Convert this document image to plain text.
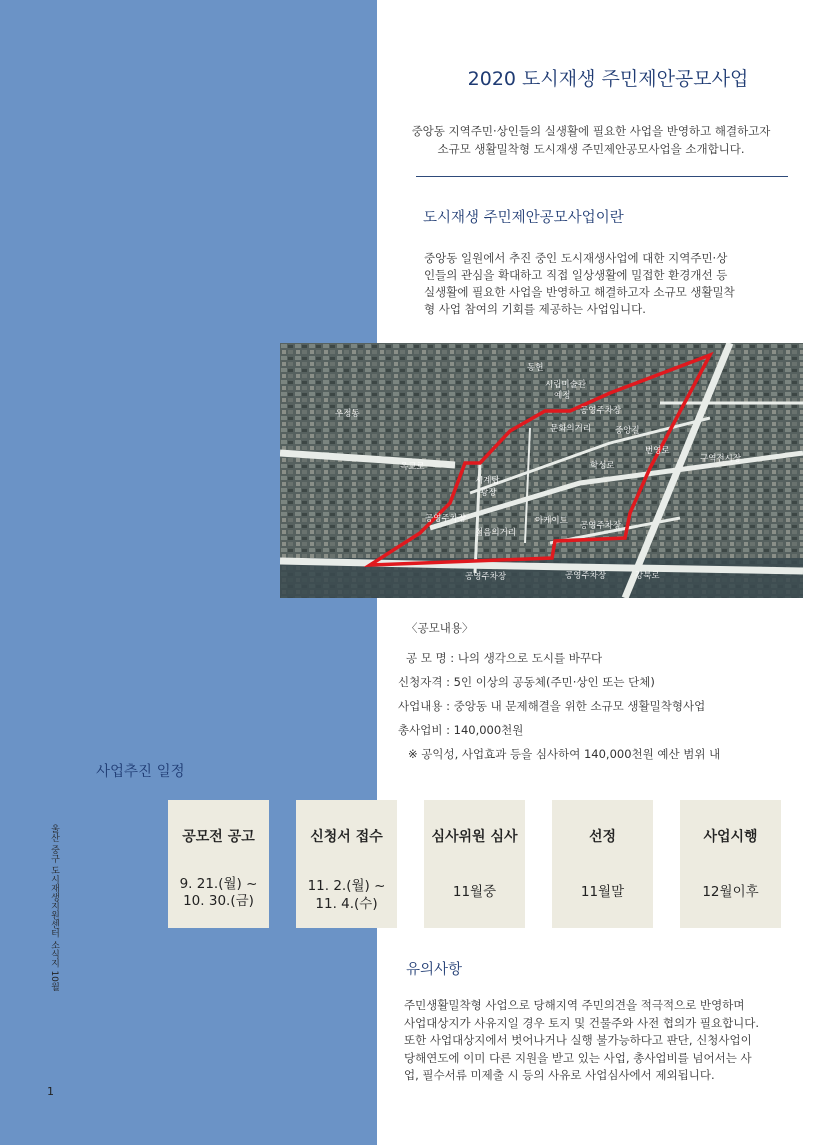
2020 도시재생 주민제안공모사업

중앙동 지역주민·상인들의 실생활에 필요한 사업을 반영하고 해결하고자

소규모 생활밀착형 도시재생 주민제안공모사업을 소개합니다.

도시재생 주민제안공모사업이란

중앙동 일원에서 추진 중인 도시재생사업에 대한 지역주민·상

인들의 관심을 확대하고 직접 일상생활에 밀접한 환경개선 등

실생활에 필요한 사업을 반영하고 해결하고자 소규모 생활밀착

형 사업 참여의 기회를 제공하는 사업입니다.

동헌
시립미술관
예정
우정동	공영주차장
문화의거리
시계탑
광장
옥교로
중앙길
학성로
번영로
구역전시장
공영주차장
젊음의거리
아케이드 공영주차장
공영주차장	공영주차장	강북로
〈공모내용〉
공 모 명 : 나의 생각으로 도시를 바꾸다
신청자격 : 5인 이상의 공동체(주민·상인 또는 단체)
사업내용 : 중앙동 내 문제해결을 위한 소규모 생활밀착형사업
총사업비 : 140,000천원
※ 공익성, 사업효과 등을 심사하여 140,000천원 예산 범위 내
사업추진 일정
공모전 공고
9. 21.(월) ~
10. 30.(금)
신청서 접수
11. 2.(월) ~
11. 4.(수)
심사위원 심사
11월중
선정
11월말
사업시행
12월이후
유의사항

주민생활밀착형 사업으로 당해지역 주민의견을 적극적으로 반영하며

사업대상지가 사유지일 경우 토지 및 건물주와 사전 협의가 필요합니다.

또한 사업대상지에서 벗어나거나 실행 불가능하다고 판단, 신청사업이

당해연도에 이미 다른 지원을 받고 있는 사업, 총사업비를 넘어서는 사

업, 필수서류 미제출 시 등의 사유로 사업심사에서 제외됩니다.

울산 중구 도시재생지원센터 소식지 10월
1
